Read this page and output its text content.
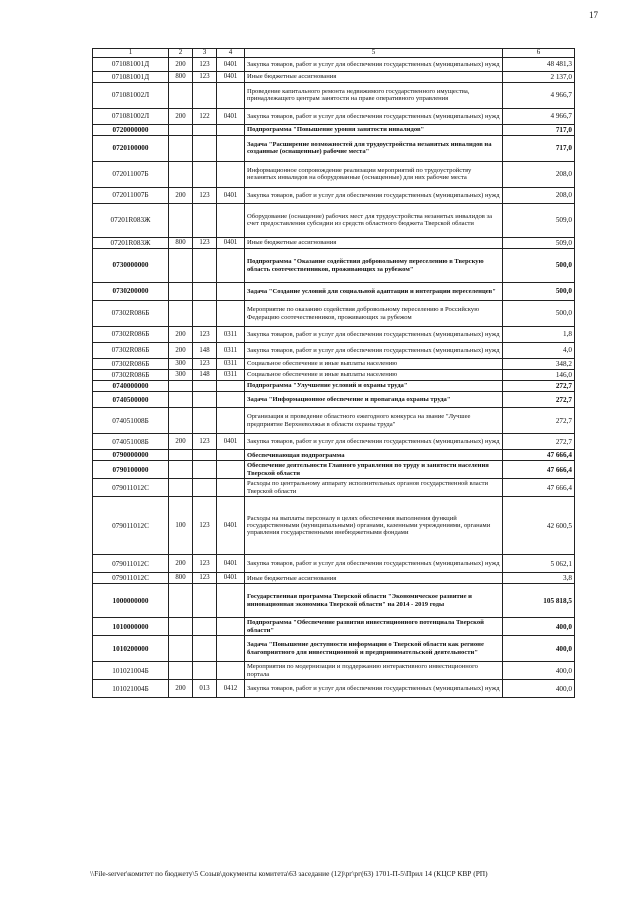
17
1	2	3	4	5	6
071081001Д	200	123	0401	Закупка товаров, работ и услуг для обеспечения государственных (муниципальных) нужд	48 481,3
071081001Д	800	123	0401	Иные бюджетные ассигнования	2 137,0
071081002Л				Проведение капитального ремонта недвижимого государственного имущества, принадлежащего центрам занятости на праве оперативного управления	4 966,7
071081002Л	200	122	0401	Закупка товаров, работ и услуг для обеспечения государственных (муниципальных) нужд	4 966,7
0720000000				Подпрограмма "Повышение уровня занятости инвалидов"	717,0
0720100000				Задача "Расширение возможностей для трудоустройства незанятых инвалидов на созданные (оснащенные) рабочие места"	717,0
072011007Б				Информационное сопровождение реализации мероприятий по трудоустройству незанятых инвалидов на оборудованные (оснащенные) для них рабочие места	208,0
072011007Б	200	123	0401	Закупка товаров, работ и услуг для обеспечения государственных (муниципальных) нужд	208,0
07201R083Ж				Оборудование (оснащение) рабочих мест для трудоустройства незанятых инвалидов за счет предоставления субсидии из средств областного бюджета Тверской области	509,0
07201R083Ж	800	123	0401	Иные бюджетные ассигнования	509,0
0730000000				Подпрограмма "Оказание содействия добровольному переселению в Тверскую область соотечественников, проживающих за рубежом"	500,0
0730200000				Задача "Создание условий для социальной адаптации и интеграции переселенцев"	500,0
07302R086Б				Мероприятие по оказанию содействия добровольному переселению в Российскую Федерацию соотечественников, проживающих за рубежом	500,0
07302R086Б	200	123	0311	Закупка товаров, работ и услуг для обеспечения государственных (муниципальных) нужд	1,8
07302R086Б	200	148	0311	Закупка товаров, работ и услуг для обеспечения государственных (муниципальных) нужд	4,0
07302R086Б	300	123	0311	Социальное обеспечение и иные выплаты населению	348,2
07302R086Б	300	148	0311	Социальное обеспечение и иные выплаты населению	146,0
0740000000				Подпрограмма "Улучшение условий и охраны труда"	272,7
0740500000				Задача "Информационное обеспечение и пропаганда охраны труда"	272,7
074051008Б				Организация и проведение областного ежегодного конкурса на звание "Лучшее предприятие Верхневолжья в области охраны труда"	272,7
074051008Б	200	123	0401	Закупка товаров, работ и услуг для обеспечения государственных (муниципальных) нужд	272,7
0790000000				Обеспечивающая подпрограмма	47 666,4
0790100000				Обеспечение деятельности Главного управления по труду и занятости населения Тверской области	47 666,4
079011012С				Расходы по центральному аппарату исполнительных органов государственной власти Тверской области	47 666,4
079011012С	100	123	0401	Расходы на выплаты персоналу в целях обеспечения выполнения функций государственными (муниципальными) органами, казенными учреждениями, органами управления государственными внебюджетными фондами	42 600,5
079011012С	200	123	0401	Закупка товаров, работ и услуг для обеспечения государственных (муниципальных) нужд	5 062,1
079011012С	800	123	0401	Иные бюджетные ассигнования	3,8
1000000000				Государственная программа Тверской области "Экономическое развитие и инновационная экономика Тверской области" на 2014 - 2019 годы	105 818,5
1010000000				Подпрограмма "Обеспечение развития инвестиционного потенциала Тверской области"	400,0
1010200000				Задача "Повышение доступности информации о Тверской области как регионе благоприятного для инвестиционной и предпринимательской деятельности"	400,0
101021004Б				Мероприятия по модернизации и поддержанию интерактивного инвестиционного портала	400,0
101021004Б	200	013	0412	Закупка товаров, работ и услуг для обеспечения государственных (муниципальных) нужд	400,0
\\File-server\комитет по бюджету\5 Созыв\документы комитета\63 заседание (12)\рг\рг(63) 1701-П-5\Прил 14 (КЦСР КВР (РП)
